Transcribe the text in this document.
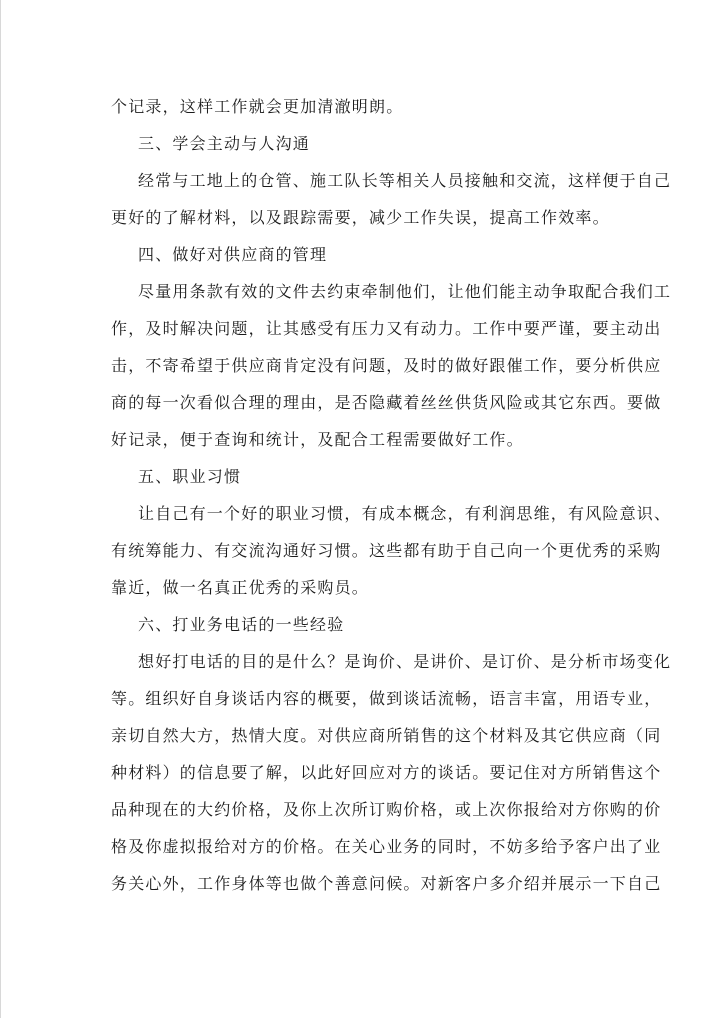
个记录，这样工作就会更加清澈明朗。
三、学会主动与人沟通
经常与工地上的仓管、施工队长等相关人员接触和交流，这样便于自己
更好的了解材料，以及跟踪需要，减少工作失误，提高工作效率。
四、做好对供应商的管理
尽量用条款有效的文件去约束牵制他们，让他们能主动争取配合我们工
作，及时解决问题，让其感受有压力又有动力。工作中要严谨，要主动出
击，不寄希望于供应商肯定没有问题，及时的做好跟催工作，要分析供应
商的每一次看似合理的理由，是否隐藏着丝丝供货风险或其它东西。要做
好记录，便于查询和统计，及配合工程需要做好工作。
五、职业习惯
让自己有一个好的职业习惯，有成本概念，有利润思维，有风险意识、
有统筹能力、有交流沟通好习惯。这些都有助于自己向一个更优秀的采购
靠近，做一名真正优秀的采购员。
六、打业务电话的一些经验
想好打电话的目的是什么？是询价、是讲价、是订价、是分析市场变化
等。组织好自身谈话内容的概要，做到谈话流畅，语言丰富，用语专业，
亲切自然大方，热情大度。对供应商所销售的这个材料及其它供应商（同
种材料）的信息要了解，以此好回应对方的谈话。要记住对方所销售这个
品种现在的大约价格，及你上次所订购价格，或上次你报给对方你购的价
格及你虚拟报给对方的价格。在关心业务的同时，不妨多给予客户出了业
务关心外，工作身体等也做个善意问候。对新客户多介绍并展示一下自己
